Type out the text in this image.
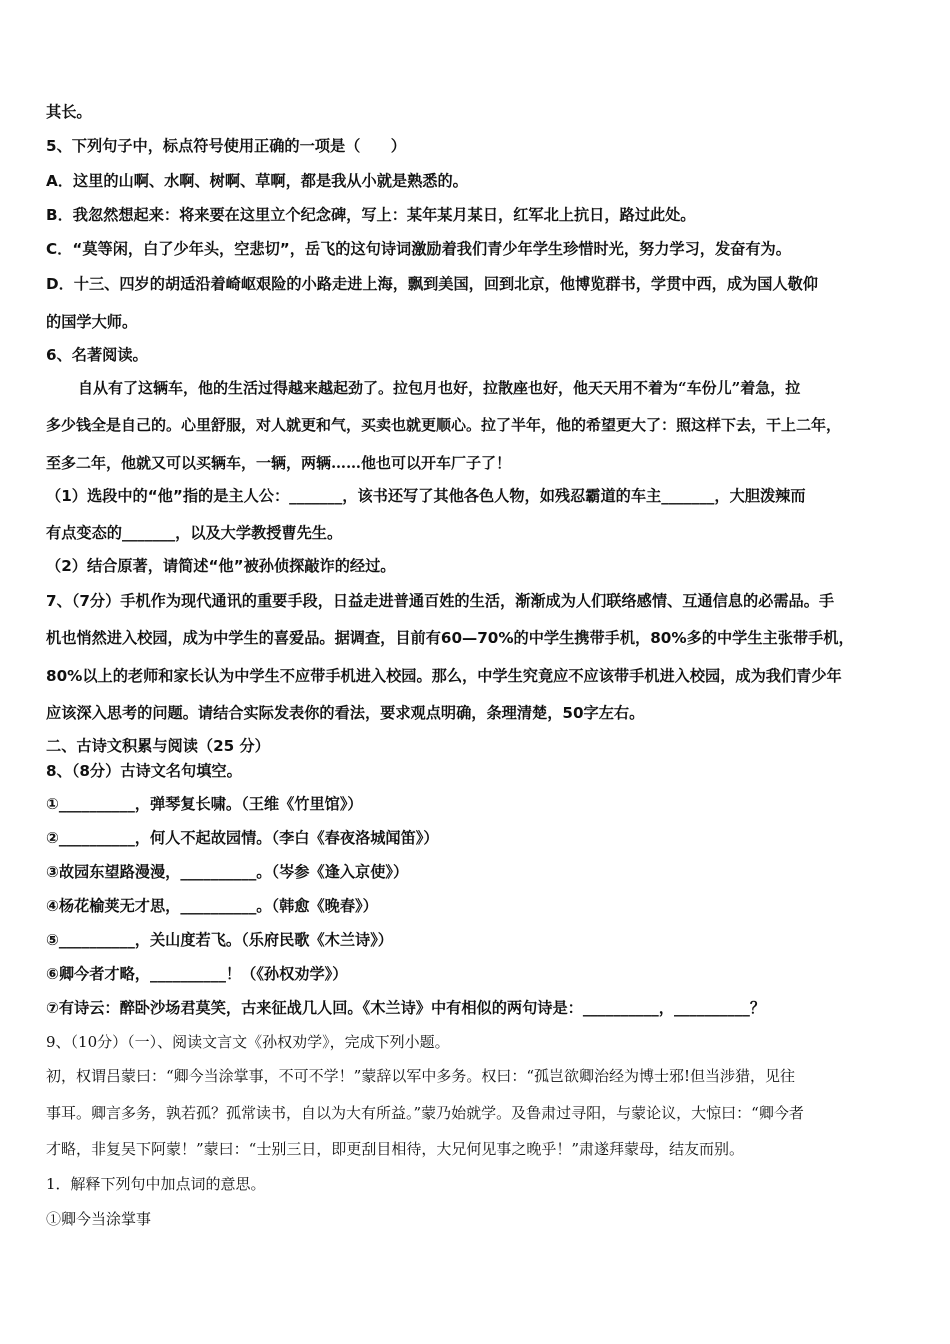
其长。
5、下列句子中，标点符号使用正确的一项是（　　）
A．这里的山啊、水啊、树啊、草啊，都是我从小就是熟悉的。
B．我忽然想起来：将来要在这里立个纪念碑，写上：某年某月某日，红军北上抗日，路过此处。
C．“莫等闲，白了少年头，空悲切”，岳飞的这句诗词激励着我们青少年学生珍惜时光，努力学习，发奋有为。
D．十三、四岁的胡适沿着崎岖艰险的小路走进上海，飘到美国，回到北京，他博览群书，学贯中西，成为国人敬仰
的国学大师。
6、名著阅读。
自从有了这辆车，他的生活过得越来越起劲了。拉包月也好，拉散座也好，他天天用不着为“车份儿”着急，拉
多少钱全是自己的。心里舒服，对人就更和气，买卖也就更顺心。拉了半年，他的希望更大了：照这样下去，干上二年，
至多二年，他就又可以买辆车，一辆，两辆……他也可以开车厂子了！
（1）选段中的“他”指的是主人公：_______，该书还写了其他各色人物，如残忍霸道的车主_______，大胆泼辣而
有点变态的_______，以及大学教授曹先生。
（2）结合原著，请简述“他”被孙侦探敲诈的经过。
7、（7分）手机作为现代通讯的重要手段，日益走进普通百姓的生活，渐渐成为人们联络感情、互通信息的必需品。手
机也悄然进入校园，成为中学生的喜爱品。据调查，目前有60—70%的中学生携带手机，80%多的中学生主张带手机，
80%以上的老师和家长认为中学生不应带手机进入校园。那么，中学生究竟应不应该带手机进入校园，成为我们青少年
应该深入思考的问题。请结合实际发表你的看法，要求观点明确，条理清楚，50字左右。
二、古诗文积累与阅读（25 分）
8、（8分）古诗文名句填空。
①__________，弹琴复长啸。（王维《竹里馆》）
②__________，何人不起故园情。（李白《春夜洛城闻笛》）
③故园东望路漫漫，__________。（岑参《逢入京使》）
④杨花榆荚无才思，__________。（韩愈《晚春》）
⑤__________，关山度若飞。（乐府民歌《木兰诗》）
⑥卿今者才略，__________！（《孙权劝学》）
⑦有诗云：醉卧沙场君莫笑，古来征战几人回。《木兰诗》中有相似的两句诗是：__________，__________？
9、（10分）（一）、阅读文言文《孙权劝学》，完成下列小题。
初，权谓吕蒙曰：“卿今当涂掌事，不可不学！”蒙辞以军中多务。权曰：“孤岂欲卿治经为博士邪!但当涉猎，见往
事耳。卿言多务，孰若孤？孤常读书，自以为大有所益。”蒙乃始就学。及鲁肃过寻阳，与蒙论议，大惊曰：“卿今者
才略，非复吴下阿蒙！”蒙曰：“士别三日，即更刮目相待，大兄何见事之晚乎！”肃遂拜蒙母，结友而别。
1．解释下列句中加点词的意思。
①卿今当涂掌事
